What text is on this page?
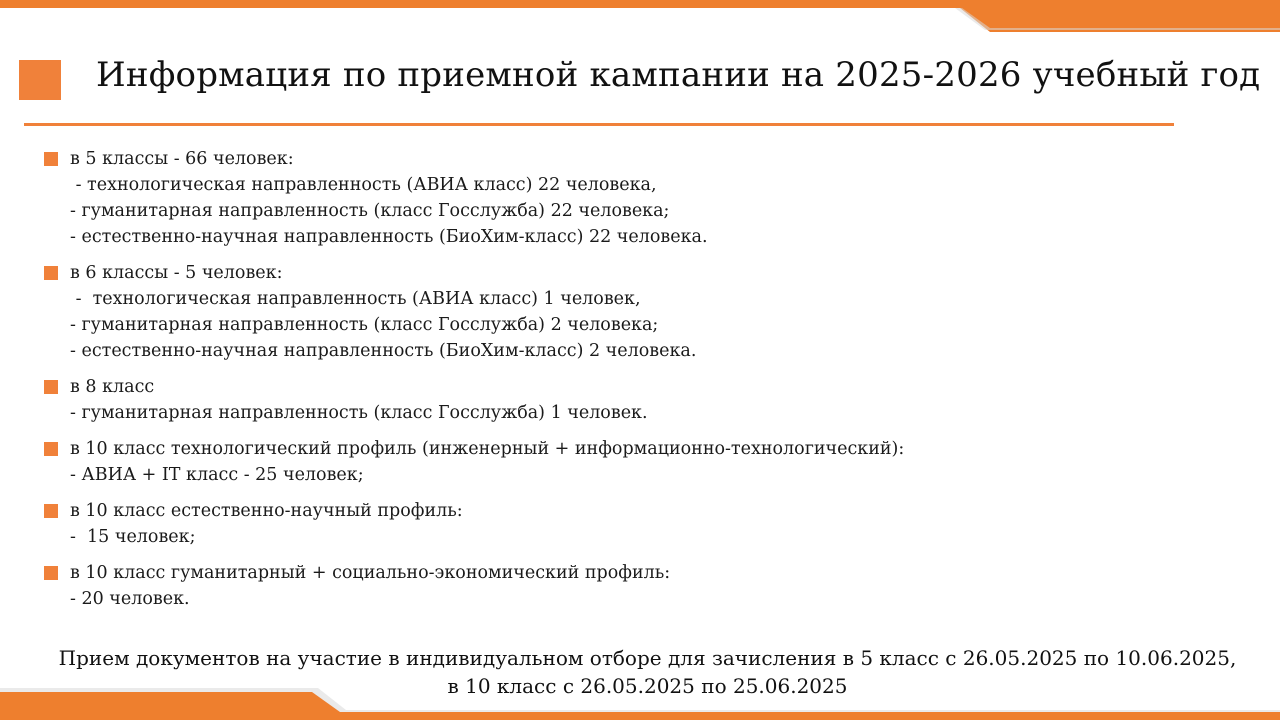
Информация по приемной кампании на 2025-2026 учебный год
в 5 классы - 66 человек:
- технологическая направленность (АВИА класс) 22 человека,
- гуманитарная направленность (класс Госслужба) 22 человека;
- естественно-научная направленность (БиоХим-класс) 22 человека.
в 6 классы - 5 человек:
-  технологическая направленность (АВИА класс) 1 человек,
- гуманитарная направленность (класс Госслужба) 2 человека;
- естественно-научная направленность (БиоХим-класс) 2 человека.
в 8 класс
- гуманитарная направленность (класс Госслужба) 1 человек.
в 10 класс технологический профиль (инженерный + информационно-технологический):
- АВИА + IT класс - 25 человек;
в 10 класс естественно-научный профиль:
-  15 человек;
в 10 класс гуманитарный + социально-экономический профиль:
- 20 человек.
Прием документов на участие в индивидуальном отборе для зачисления в 5 класс с 26.05.2025 по 10.06.2025,
в 10 класс с 26.05.2025 по 25.06.2025
